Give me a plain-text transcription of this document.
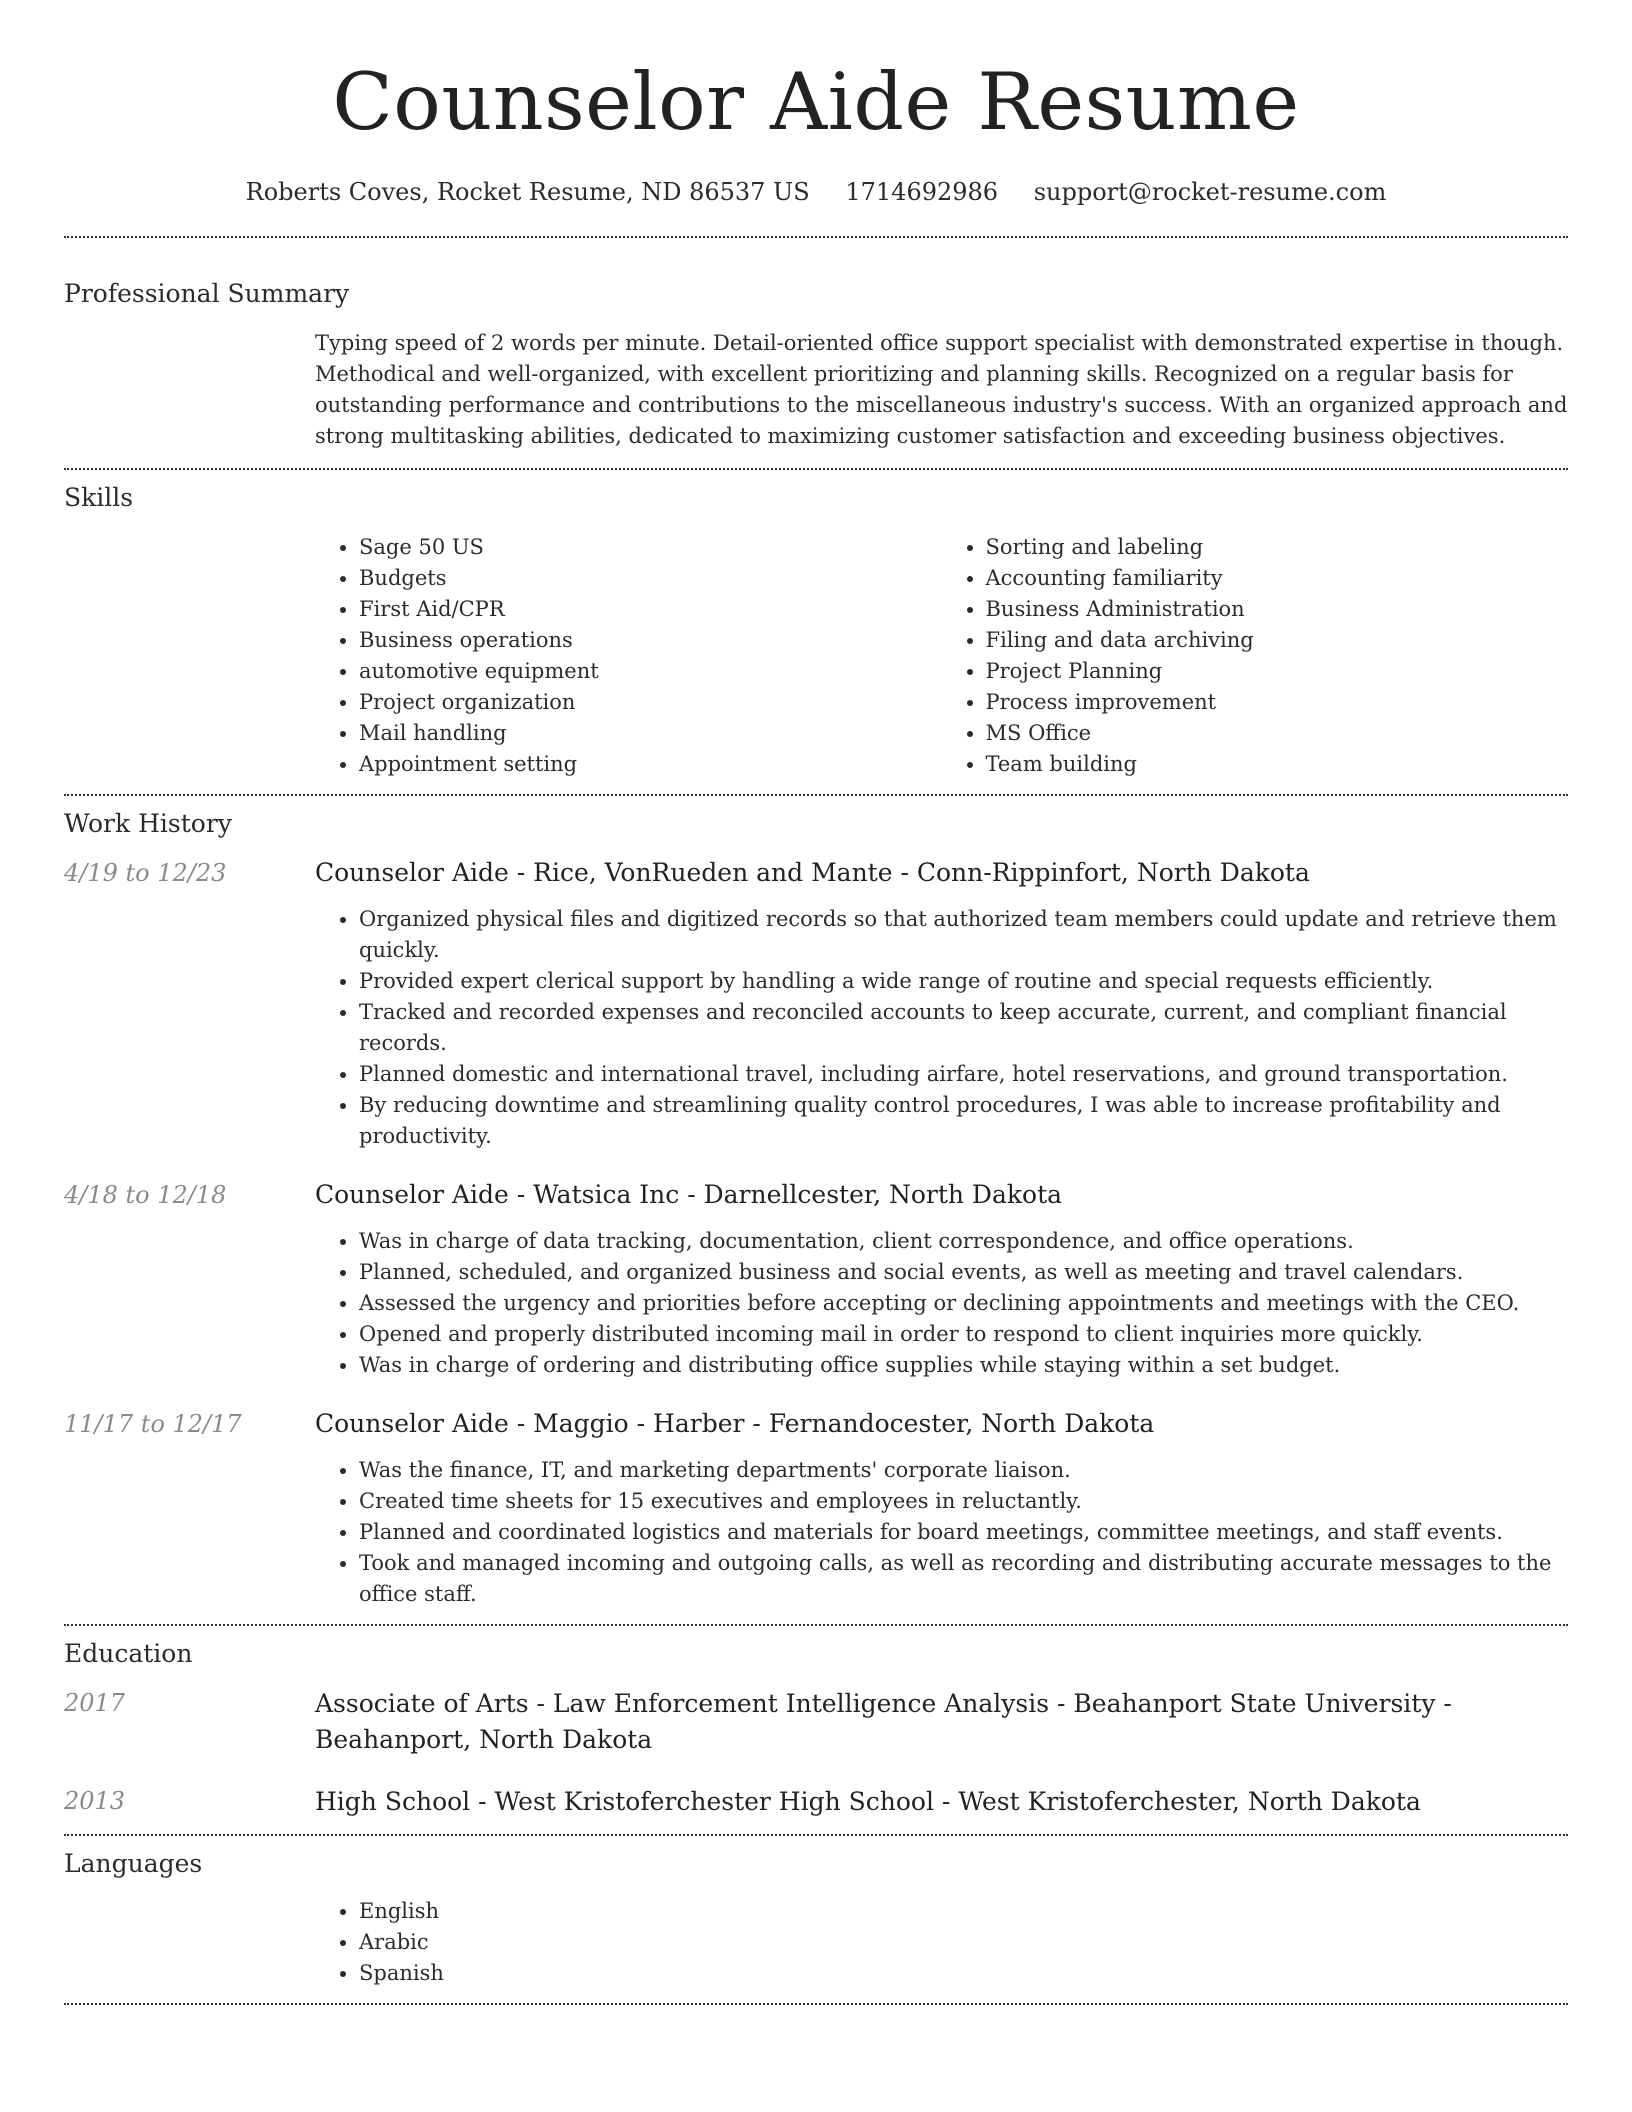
Counselor Aide Resume
Roberts Coves, Rocket Resume, ND 86537 US 1714692986 support@rocket-resume.com
Professional Summary

Typing speed of 2 words per minute. Detail-oriented office support specialist with demonstrated expertise in though. Methodical and well-organized, with excellent prioritizing and planning skills. Recognized on a regular basis for outstanding performance and contributions to the miscellaneous industry's success. With an organized approach and strong multitasking abilities, dedicated to maximizing customer satisfaction and exceeding business objectives.

Skills
• Sage 50 US
• Budgets
• First Aid/CPR
• Business operations
• automotive equipment
• Project organization
• Mail handling
• Appointment setting
• Sorting and labeling
• Accounting familiarity
• Business Administration
• Filing and data archiving
• Project Planning
• Process improvement
• MS Office
• Team building
Work History
4/19 to 12/23	Counselor Aide - Rice, VonRueden and Mante - Conn-Rippinfort, North Dakota
• Organized physical files and digitized records so that authorized team members could update and retrieve them quickly.
• Provided expert clerical support by handling a wide range of routine and special requests efficiently.
• Tracked and recorded expenses and reconciled accounts to keep accurate, current, and compliant financial records.
• Planned domestic and international travel, including airfare, hotel reservations, and ground transportation.
• By reducing downtime and streamlining quality control procedures, I was able to increase profitability and productivity.
4/18 to 12/18	Counselor Aide - Watsica Inc - Darnellcester, North Dakota
• Was in charge of data tracking, documentation, client correspondence, and office operations.
• Planned, scheduled, and organized business and social events, as well as meeting and travel calendars.
• Assessed the urgency and priorities before accepting or declining appointments and meetings with the CEO.
• Opened and properly distributed incoming mail in order to respond to client inquiries more quickly.
• Was in charge of ordering and distributing office supplies while staying within a set budget.
11/17 to 12/17	Counselor Aide - Maggio - Harber - Fernandocester, North Dakota
• Was the finance, IT, and marketing departments' corporate liaison.
• Created time sheets for 15 executives and employees in reluctantly.
• Planned and coordinated logistics and materials for board meetings, committee meetings, and staff events.
• Took and managed incoming and outgoing calls, as well as recording and distributing accurate messages to the office staff.
Education
2017	Associate of Arts - Law Enforcement Intelligence Analysis - Beahanport State University - Beahanport, North Dakota
2013	High School - West Kristoferchester High School - West Kristoferchester, North Dakota
Languages
• English
• Arabic
• Spanish
